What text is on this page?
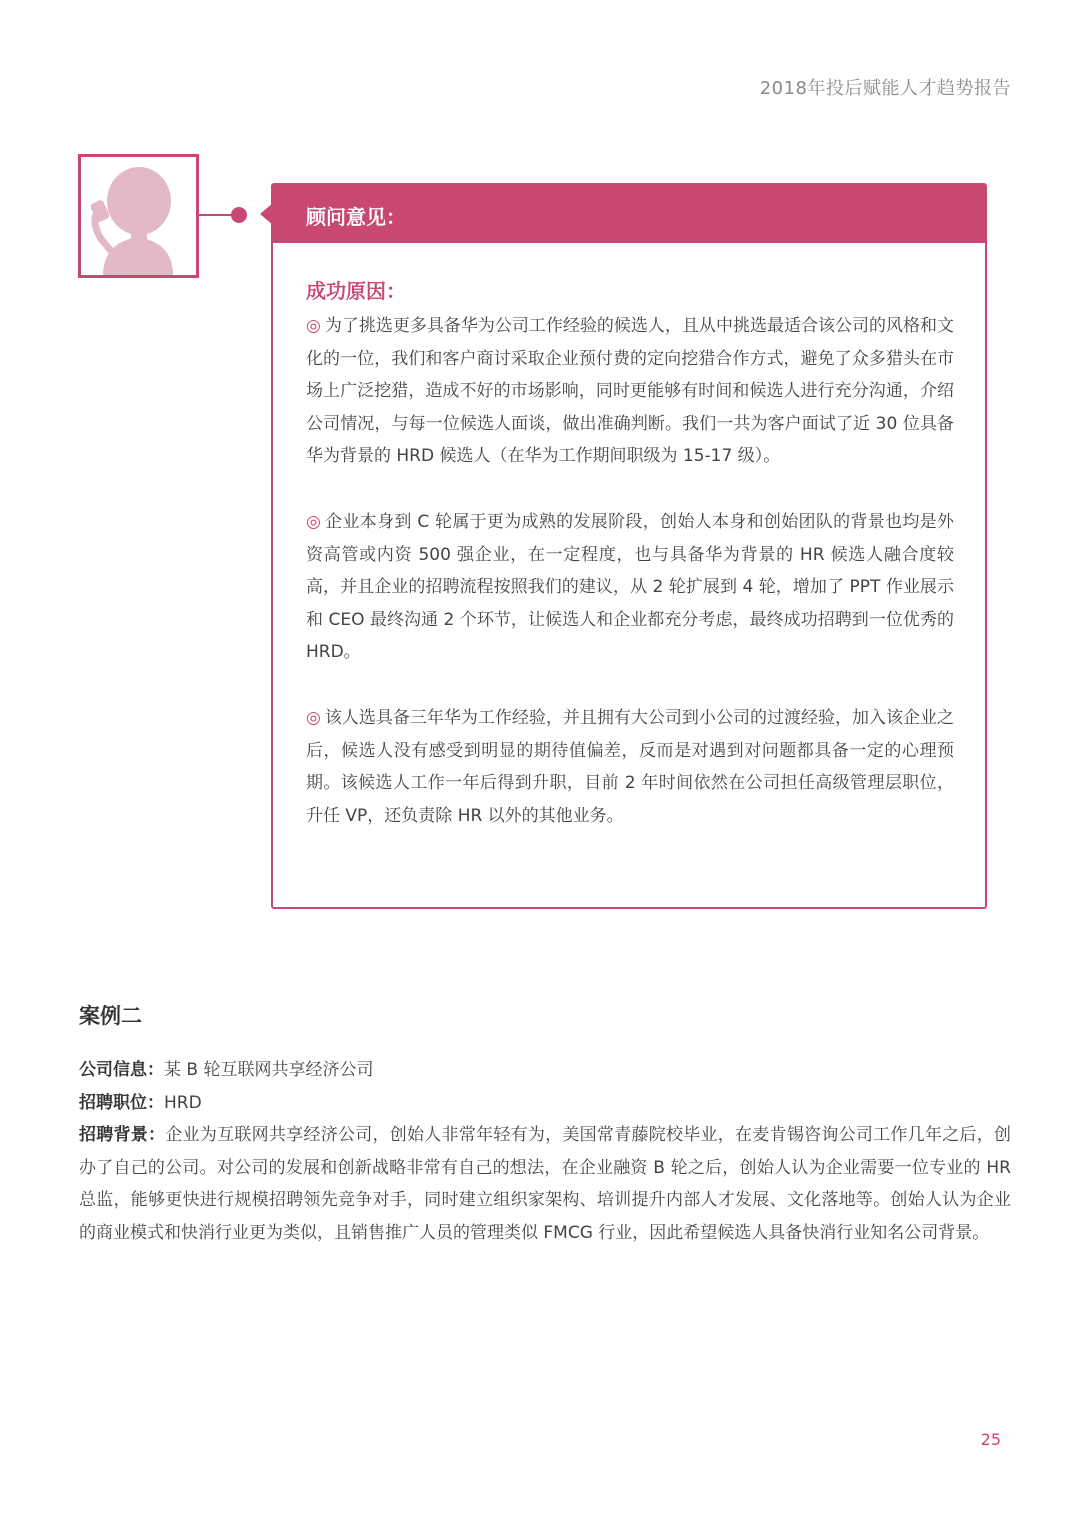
2018年投后赋能人才趋势报告
顾问意见：
成功原因：

◎ 为了挑选更多具备华为公司工作经验的候选人，且从中挑选最适合该公司的风格和文化的一位，我们和客户商讨采取企业预付费的定向挖猎合作方式，避免了众多猎头在市场上广泛挖猎，造成不好的市场影响，同时更能够有时间和候选人进行充分沟通，介绍公司情况，与每一位候选人面谈，做出准确判断。我们一共为客户面试了近 30 位具备华为背景的 HRD 候选人（在华为工作期间职级为 15-17 级）。

◎ 企业本身到 C 轮属于更为成熟的发展阶段，创始人本身和创始团队的背景也均是外资高管或内资 500 强企业，在一定程度，也与具备华为背景的 HR 候选人融合度较高，并且企业的招聘流程按照我们的建议，从 2 轮扩展到 4 轮，增加了 PPT 作业展示和 CEO 最终沟通 2 个环节，让候选人和企业都充分考虑，最终成功招聘到一位优秀的 HRD。

◎ 该人选具备三年华为工作经验，并且拥有大公司到小公司的过渡经验，加入该企业之后，候选人没有感受到明显的期待值偏差，反而是对遇到对问题都具备一定的心理预期。该候选人工作一年后得到升职，目前 2 年时间依然在公司担任高级管理层职位，升任 VP，还负责除 HR 以外的其他业务。

案例二

公司信息：某 B 轮互联网共享经济公司

招聘职位：HRD

招聘背景：企业为互联网共享经济公司，创始人非常年轻有为，美国常青藤院校毕业，在麦肯锡咨询公司工作几年之后，创办了自己的公司。对公司的发展和创新战略非常有自己的想法，在企业融资 B 轮之后，创始人认为企业需要一位专业的 HR 总监，能够更快进行规模招聘领先竞争对手，同时建立组织家架构、培训提升内部人才发展、文化落地等。创始人认为企业的商业模式和快消行业更为类似，且销售推广人员的管理类似 FMCG 行业，因此希望候选人具备快消行业知名公司背景。

25
